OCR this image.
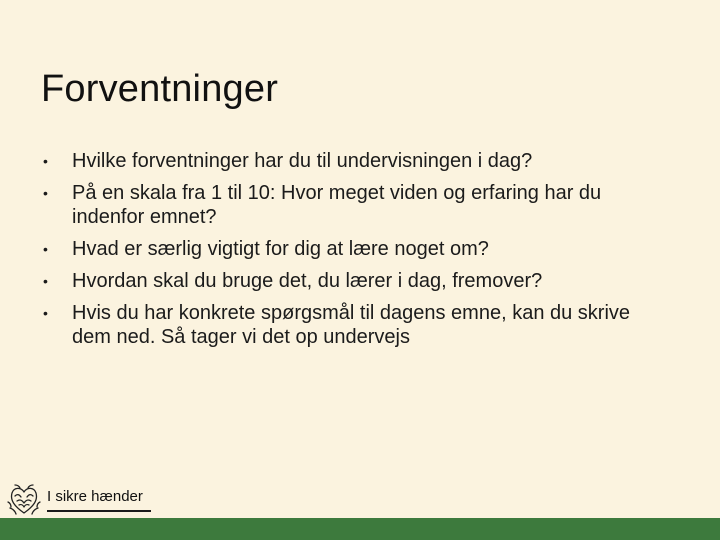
Forventninger
• Hvilke forventninger har du til undervisningen i dag?
• På en skala fra 1 til 10: Hvor meget viden og erfaring har du indenfor emnet?
• Hvad er særlig vigtigt for dig at lære noget om?
• Hvordan skal du bruge det, du lærer i dag, fremover?
• Hvis du har konkrete spørgsmål til dagens emne, kan du skrive dem ned. Så tager vi det op undervejs
I sikre hænder
